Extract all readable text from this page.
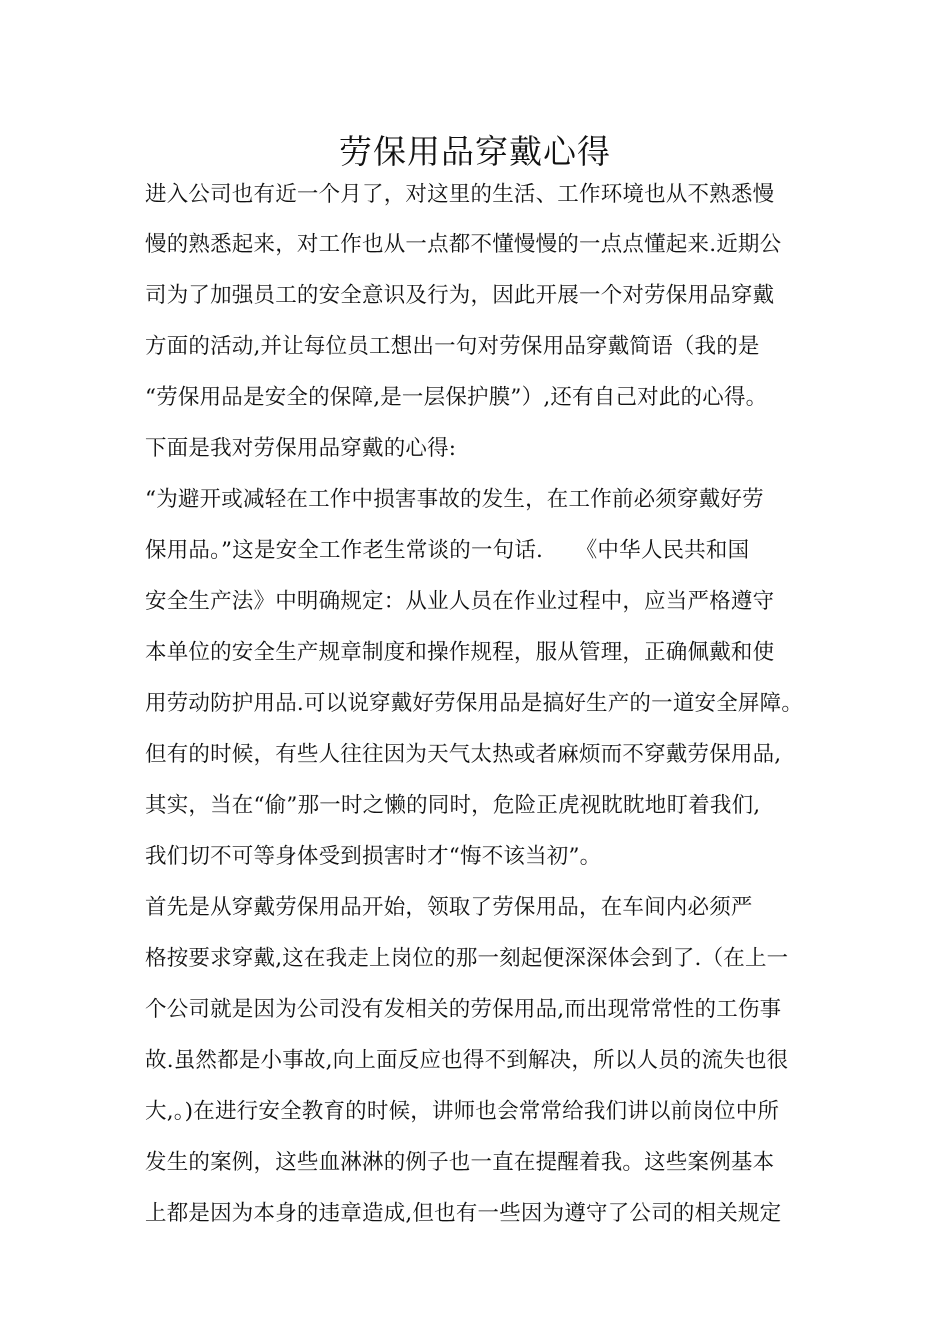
劳保用品穿戴心得
进入公司也有近一个月了，对这里的生活、工作环境也从不熟悉慢
慢的熟悉起来，对工作也从一点都不懂慢慢的一点点懂起来.近期公
司为了加强员工的安全意识及行为，因此开展一个对劳保用品穿戴
方面的活动,并让每位员工想出一句对劳保用品穿戴简语（我的是
“劳保用品是安全的保障,是一层保护膜”）,还有自己对此的心得。
下面是我对劳保用品穿戴的心得:
“为避开或减轻在工作中损害事故的发生，在工作前必须穿戴好劳
保用品。”这是安全工作老生常谈的一句话.　　《中华人民共和国
安全生产法》中明确规定：从业人员在作业过程中，应当严格遵守
本单位的安全生产规章制度和操作规程，服从管理，正确佩戴和使
用劳动防护用品.可以说穿戴好劳保用品是搞好生产的一道安全屏障。
但有的时候，有些人往往因为天气太热或者麻烦而不穿戴劳保用品,
其实，当在“偷”那一时之懒的同时，危险正虎视眈眈地盯着我们,
我们切不可等身体受到损害时才“悔不该当初”。
首先是从穿戴劳保用品开始，领取了劳保用品，在车间内必须严
格按要求穿戴,这在我走上岗位的那一刻起便深深体会到了.（在上一
个公司就是因为公司没有发相关的劳保用品,而出现常常性的工伤事
故.虽然都是小事故,向上面反应也得不到解决，所以人员的流失也很
大,。)在进行安全教育的时候，讲师也会常常给我们讲以前岗位中所
发生的案例，这些血淋淋的例子也一直在提醒着我。这些案例基本
上都是因为本身的违章造成,但也有一些因为遵守了公司的相关规定
